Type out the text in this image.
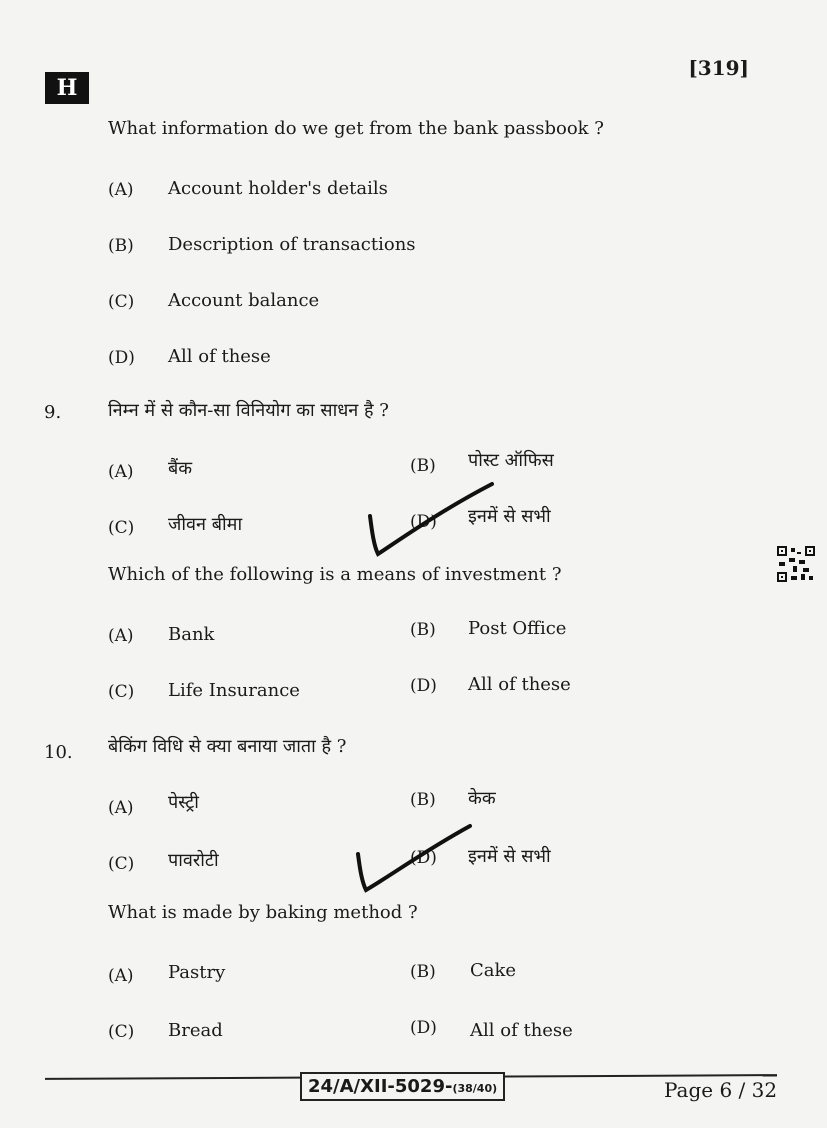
H
[319]
What information do we get from the bank passbook ?
(A) Account holder's details
(B) Description of transactions
(C) Account balance
(D) All of these
9.	निम्न में से कौन-सा विनियोग का साधन है ?
(A) बैंक	(B) पोस्ट ऑफिस
(C) जीवन बीमा	(D) इनमें से सभी
Which of the following is a means of investment ?
(A) Bank	(B) Post Office
(C) Life Insurance	(D) All of these
10. बेकिंग विधि से क्या बनाया जाता है ?
(A) पेस्ट्री	(B) केक
(C) पावरोटी	(D) इनमें से सभी
What is made by baking method ?
(A) Pastry	(B) Cake
(C) Bread	(D) All of these
24/A/XII-5029-(38/40)	Page 6 / 32
